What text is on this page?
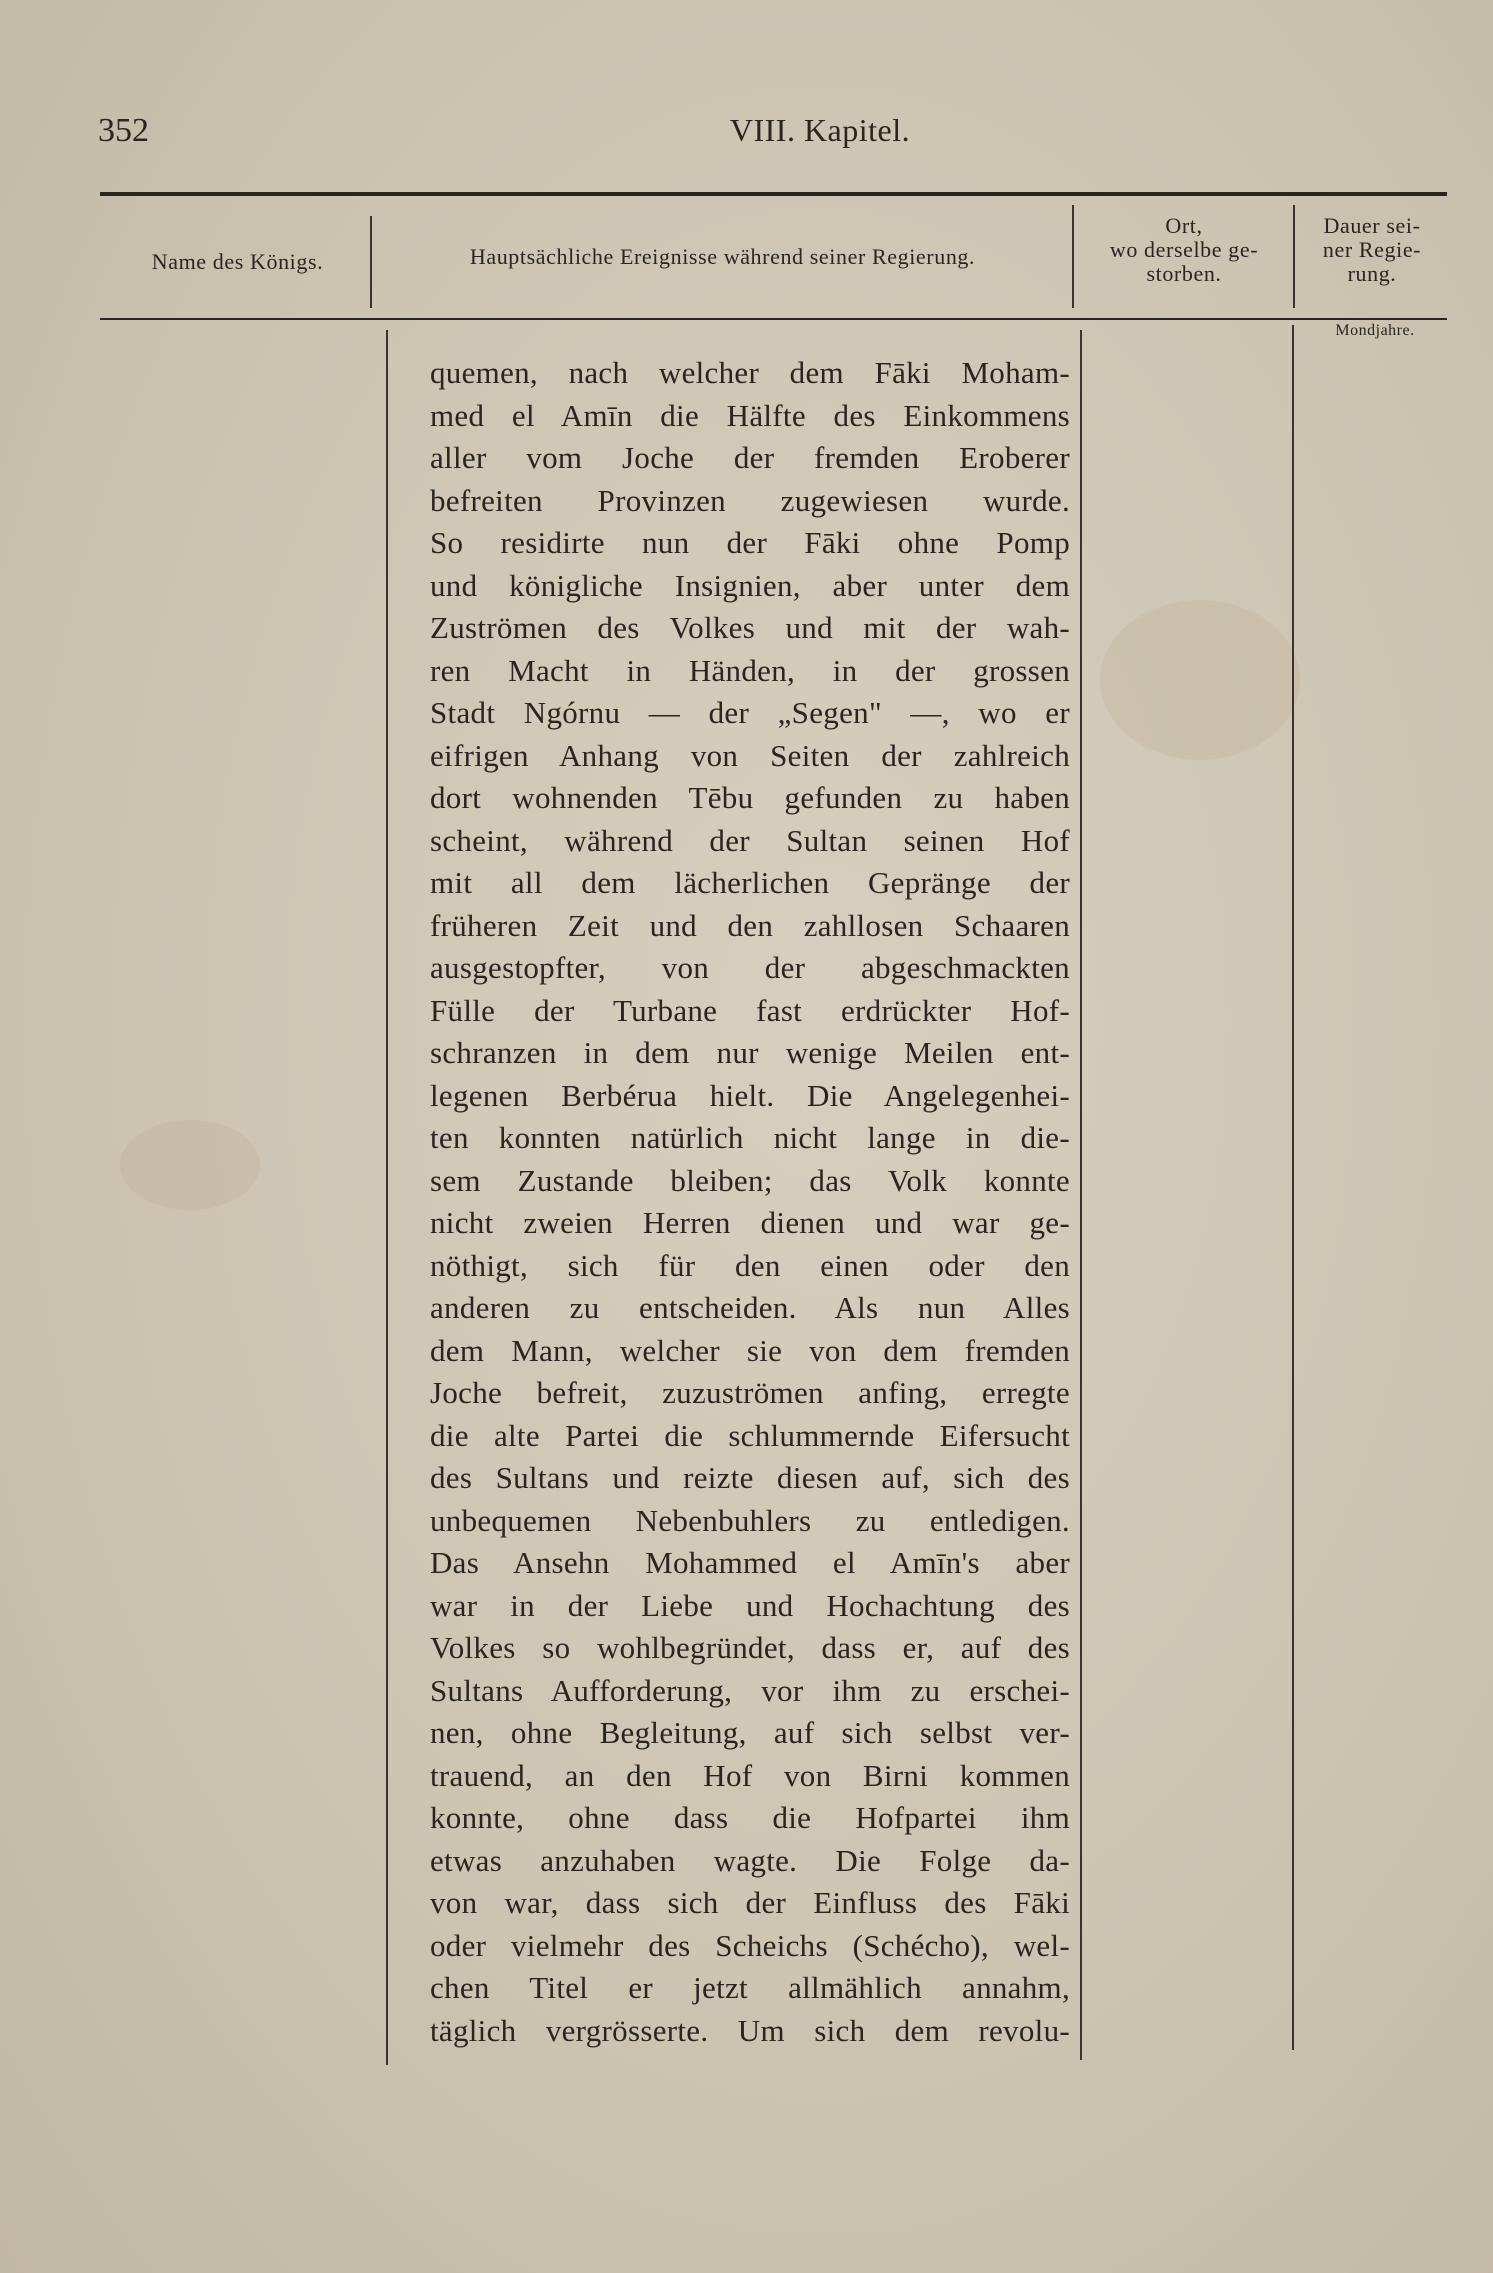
352	VIII. Kapitel.
Name des Königs.	Hauptsächliche Ereignisse während seiner Regierung.
Ort,
wo derselbe ge-
storben.
Dauer sei-
ner Regie-
rung.
Mondjahre.
quemen, nach welcher dem Fāki Moham-
med el Amīn die Hälfte des Einkommens
aller vom Joche der fremden Eroberer
befreiten Provinzen zugewiesen wurde.
So residirte nun der Fāki ohne Pomp
und königliche Insignien, aber unter dem
Zuströmen des Volkes und mit der wah-
ren Macht in Händen, in der grossen
Stadt Ngórnu — der „Segen" —, wo er
eifrigen Anhang von Seiten der zahlreich
dort wohnenden Tēbu gefunden zu haben
scheint, während der Sultan seinen Hof
mit all dem lächerlichen Gepränge der
früheren Zeit und den zahllosen Schaaren
ausgestopfter, von der abgeschmackten
Fülle der Turbane fast erdrückter Hof-
schranzen in dem nur wenige Meilen ent-
legenen Berbérua hielt. Die Angelegenhei-
ten konnten natürlich nicht lange in die-
sem Zustande bleiben; das Volk konnte
nicht zweien Herren dienen und war ge-
nöthigt, sich für den einen oder den
anderen zu entscheiden. Als nun Alles
dem Mann, welcher sie von dem fremden
Joche befreit, zuzuströmen anfing, erregte
die alte Partei die schlummernde Eifersucht
des Sultans und reizte diesen auf, sich des
unbequemen Nebenbuhlers zu entledigen.
Das Ansehn Mohammed el Amīn's aber
war in der Liebe und Hochachtung des
Volkes so wohlbegründet, dass er, auf des
Sultans Aufforderung, vor ihm zu erschei-
nen, ohne Begleitung, auf sich selbst ver-
trauend, an den Hof von Birni kommen
konnte, ohne dass die Hofpartei ihm
etwas anzuhaben wagte. Die Folge da-
von war, dass sich der Einfluss des Fāki
oder vielmehr des Scheichs (Schécho), wel-
chen Titel er jetzt allmählich annahm,
täglich vergrösserte. Um sich dem revolu-
